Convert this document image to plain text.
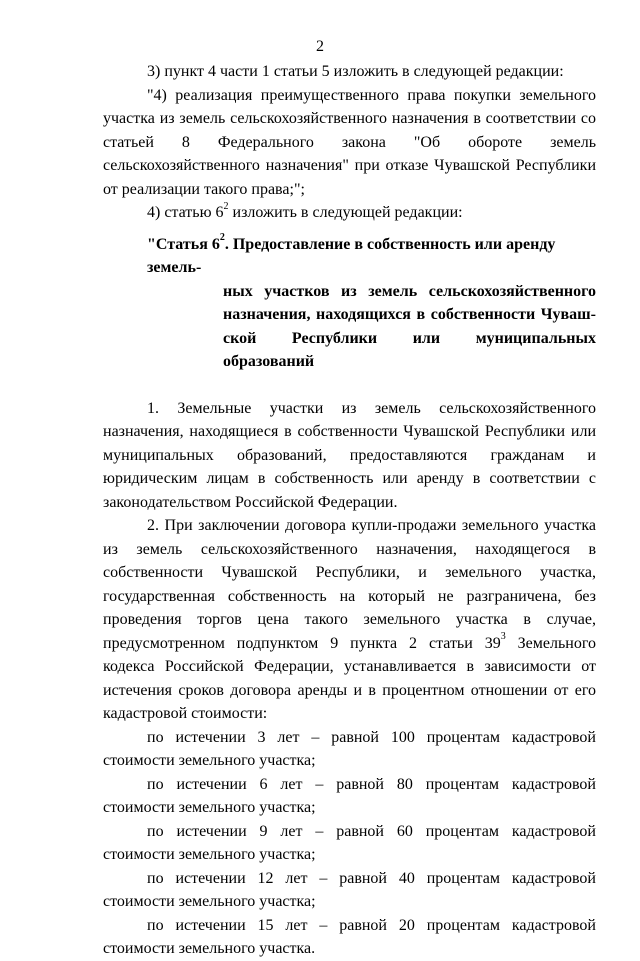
2

3) пункт 4 части 1 статьи 5 изложить в следующей редакции:

"4) реализация преимущественного права покупки земельного участка из земель сельскохозяйственного назначения в соответствии со статьей 8 Федерального закона "Об обороте земель сельскохозяйственного назначения" при отказе Чувашской Республики от реализации такого права;";

4) статью $6^2$ изложить в следующей редакции:

"Статья $6^2$. Предоставление в собственность или аренду земель-
ных участков из земель сельскохозяйственного назначения, находящихся в собственности Чуваш-ской Республики или муниципальных образований

1. Земельные участки из земель сельскохозяйственного назначения, находящиеся в собственности Чувашской Республики или муниципальных образований, предоставляются гражданам и юридическим лицам в собственность или аренду в соответствии с законодательством Российской Федерации.

2. При заключении договора купли-продажи земельного участка из земель сельскохозяйственного назначения, находящегося в собственности Чувашской Республики, и земельного участка, государственная собственность на который не разграничена, без проведения торгов цена такого земельного участка в случае, предусмотренном подпунктом 9 пункта 2 статьи $39^3$ Земельного кодекса Российской Федерации, устанавливается в зависимости от истечения сроков договора аренды и в процентном отношении от его кадастровой стоимости:

по истечении 3 лет – равной 100 процентам кадастровой стоимости земельного участка;

по истечении 6 лет – равной 80 процентам кадастровой стоимости земельного участка;

по истечении 9 лет – равной 60 процентам кадастровой стоимости земельного участка;

по истечении 12 лет – равной 40 процентам кадастровой стоимости земельного участка;

по истечении 15 лет – равной 20 процентам кадастровой стоимости земельного участка.
